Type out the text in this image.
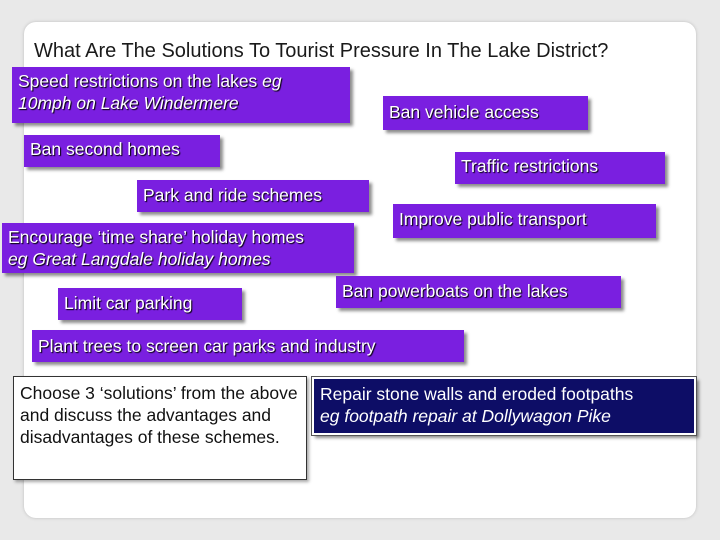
What Are The Solutions To Tourist Pressure In The Lake District?
Speed restrictions on the lakes eg
10mph on Lake Windermere	Ban vehicle access
Ban second homes
Traffic restrictions
Park and ride schemes
Improve public transport
Encourage ‘time share’ holiday homes
eg Great Langdale holiday homes
Limit car parking
Ban powerboats on the lakes
Plant trees to screen car parks and industry
Choose 3 ‘solutions’ from the above and discuss the advantages and disadvantages of these schemes.
Repair stone walls and eroded footpaths
eg footpath repair at Dollywagon Pike
